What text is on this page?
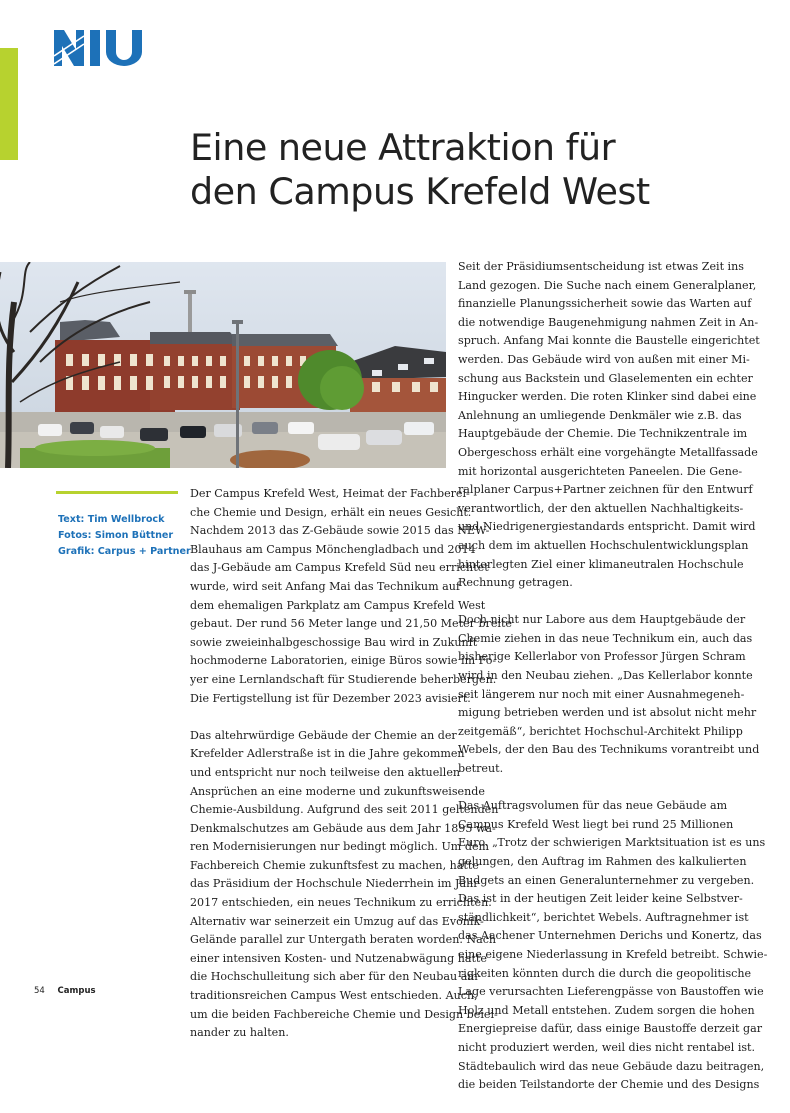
Eine neue Attraktion für
den Campus Krefeld West
Text: Tim Wellbrock
Fotos: Simon Büttner
Grafik: Carpus + Partner

Der Campus Krefeld West, Heimat der Fachberei-
che Chemie und Design, erhält ein neues Gesicht.
Nachdem 2013 das Z-Gebäude sowie 2015 das NEW-
Blauhaus am Campus Mönchengladbach und 2014
das J-Gebäude am Campus Krefeld Süd neu errichtet
wurde, wird seit Anfang Mai das Technikum auf
dem ehemaligen Parkplatz am Campus Krefeld West
gebaut. Der rund 56 Meter lange und 21,50 Meter breite
sowie zweieinhalbgeschossige Bau wird in Zukunft
hochmoderne Laboratorien, einige Büros sowie im Fo-
yer eine Lernlandschaft für Studierende beherbergen.
Die Fertigstellung ist für Dezember 2023 avisiert.

Das altehrwürdige Gebäude der Chemie an der
Krefelder Adlerstraße ist in die Jahre gekommen
und entspricht nur noch teilweise den aktuellen
Ansprüchen an eine moderne und zukunftsweisende
Chemie-Ausbildung. Aufgrund des seit 2011 geltenden
Denkmalschutzes am Gebäude aus dem Jahr 1895 wa-
ren Modernisierungen nur bedingt möglich. Um dem
Fachbereich Chemie zukunftsfest zu machen, hatte
das Präsidium der Hochschule Niederrhein im Jahr
2017 entschieden, ein neues Technikum zu errichten.
Alternativ war seinerzeit ein Umzug auf das Evonik-
Gelände parallel zur Untergath beraten worden. Nach
einer intensiven Kosten- und Nutzenabwägung hatte
die Hochschulleitung sich aber für den Neubau am
traditionsreichen Campus West entschieden. Auch,
um die beiden Fachbereiche Chemie und Design beiei-
nander zu halten.

Seit der Präsidiumsentscheidung ist etwas Zeit ins
Land gezogen. Die Suche nach einem Generalplaner,
finanzielle Planungssicherheit sowie das Warten auf
die notwendige Baugenehmigung nahmen Zeit in An-
spruch. Anfang Mai konnte die Baustelle eingerichtet
werden. Das Gebäude wird von außen mit einer Mi-
schung aus Backstein und Glaselementen ein echter
Hingucker werden. Die roten Klinker sind dabei eine
Anlehnung an umliegende Denkmäler wie z.B. das
Hauptgebäude der Chemie. Die Technikzentrale im
Obergeschoss erhält eine vorgehängte Metallfassade
mit horizontal ausgerichteten Paneelen. Die Gene-
ralplaner Carpus+Partner zeichnen für den Entwurf
verantwortlich, der den aktuellen Nachhaltigkeits-
und Niedrigenergiestandards entspricht. Damit wird
auch dem im aktuellen Hochschulentwicklungsplan
hinterlegten Ziel einer klimaneutralen Hochschule
Rechnung getragen.

Doch nicht nur Labore aus dem Hauptgebäude der
Chemie ziehen in das neue Technikum ein, auch das
bisherige Kellerlabor von Professor Jürgen Schram
wird in den Neubau ziehen. „Das Kellerlabor konnte
seit längerem nur noch mit einer Ausnahmegeneh-
migung betrieben werden und ist absolut nicht mehr
zeitgemäß“, berichtet Hochschul-Architekt Philipp
Webels, der den Bau des Technikums vorantreibt und
betreut.

Das Auftragsvolumen für das neue Gebäude am
Campus Krefeld West liegt bei rund 25 Millionen
Euro. „Trotz der schwierigen Marktsituation ist es uns
gelungen, den Auftrag im Rahmen des kalkulierten
Budgets an einen Generalunternehmer zu vergeben.
Das ist in der heutigen Zeit leider keine Selbstver-
ständlichkeit“, berichtet Webels. Auftragnehmer ist
das Aachener Unternehmen Derichs und Konertz, das
eine eigene Niederlassung in Krefeld betreibt. Schwie-
rigkeiten könnten durch die durch die geopolitische
Lage verursachten Lieferengpässe von Baustoffen wie
Holz und Metall entstehen. Zudem sorgen die hohen
Energiepreise dafür, dass einige Baustoffe derzeit gar
nicht produziert werden, weil dies nicht rentabel ist.
Städtebaulich wird das neue Gebäude dazu beitragen,
die beiden Teilstandorte der Chemie und des Designs

54 Campus
